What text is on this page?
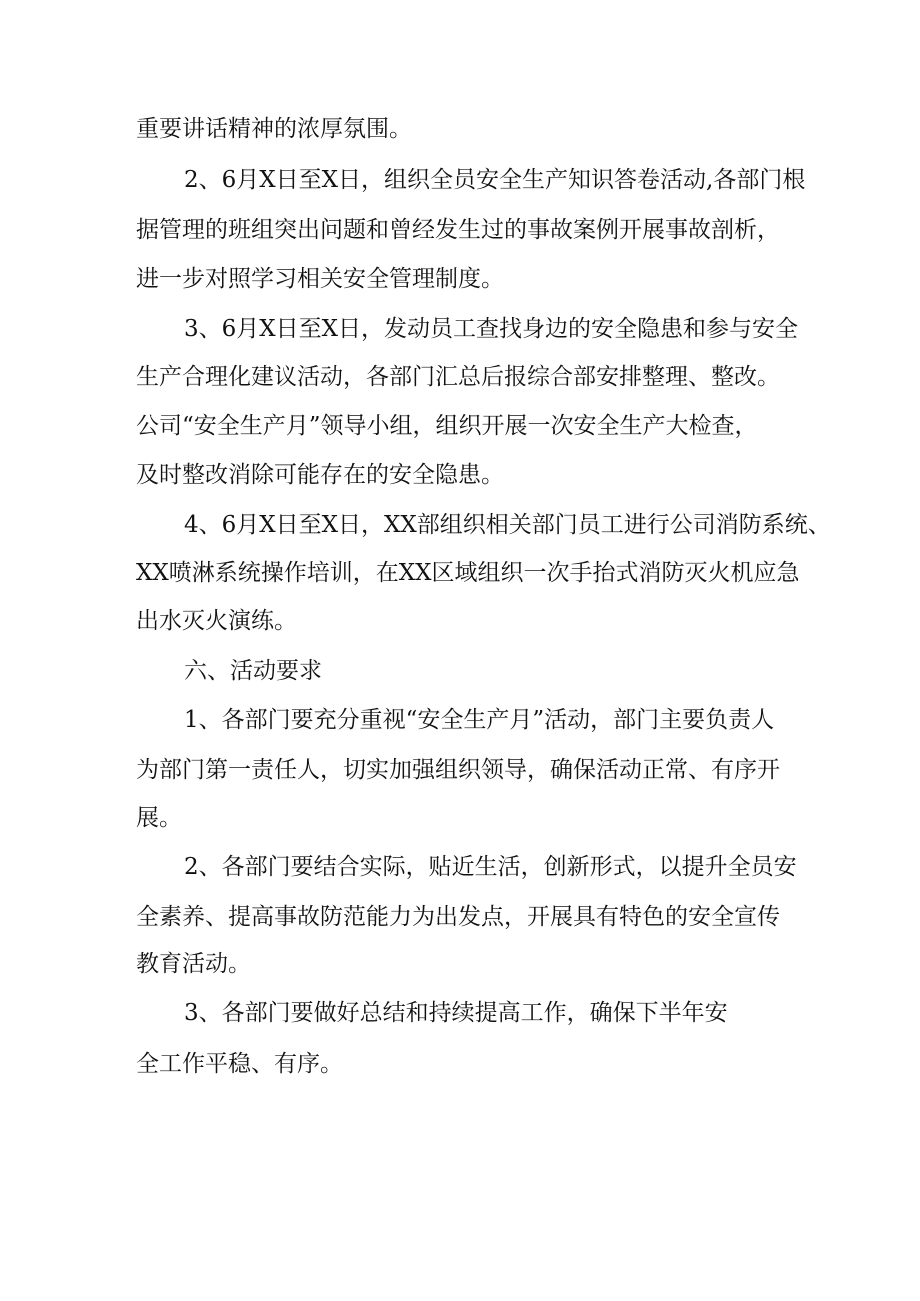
重要讲话精神的浓厚氛围。
2、6月X日至X日，组织全员安全生产知识答卷活动,各部门根
据管理的班组突出问题和曾经发生过的事故案例开展事故剖析，
进一步对照学习相关安全管理制度。
3、6月X日至X日，发动员工查找身边的安全隐患和参与安全
生产合理化建议活动，各部门汇总后报综合部安排整理、整改。
公司“安全生产月”领导小组，组织开展一次安全生产大检查，
及时整改消除可能存在的安全隐患。
4、6月X日至X日，XX部组织相关部门员工进行公司消防系统、
XX喷淋系统操作培训，在XX区域组织一次手抬式消防灭火机应急
出水灭火演练。
六、活动要求
1、各部门要充分重视“安全生产月”活动，部门主要负责人
为部门第一责任人，切实加强组织领导，确保活动正常、有序开
展。
2、各部门要结合实际，贴近生活，创新形式，以提升全员安
全素养、提高事故防范能力为出发点，开展具有特色的安全宣传
教育活动。
3、各部门要做好总结和持续提高工作，确保下半年安
全工作平稳、有序。
